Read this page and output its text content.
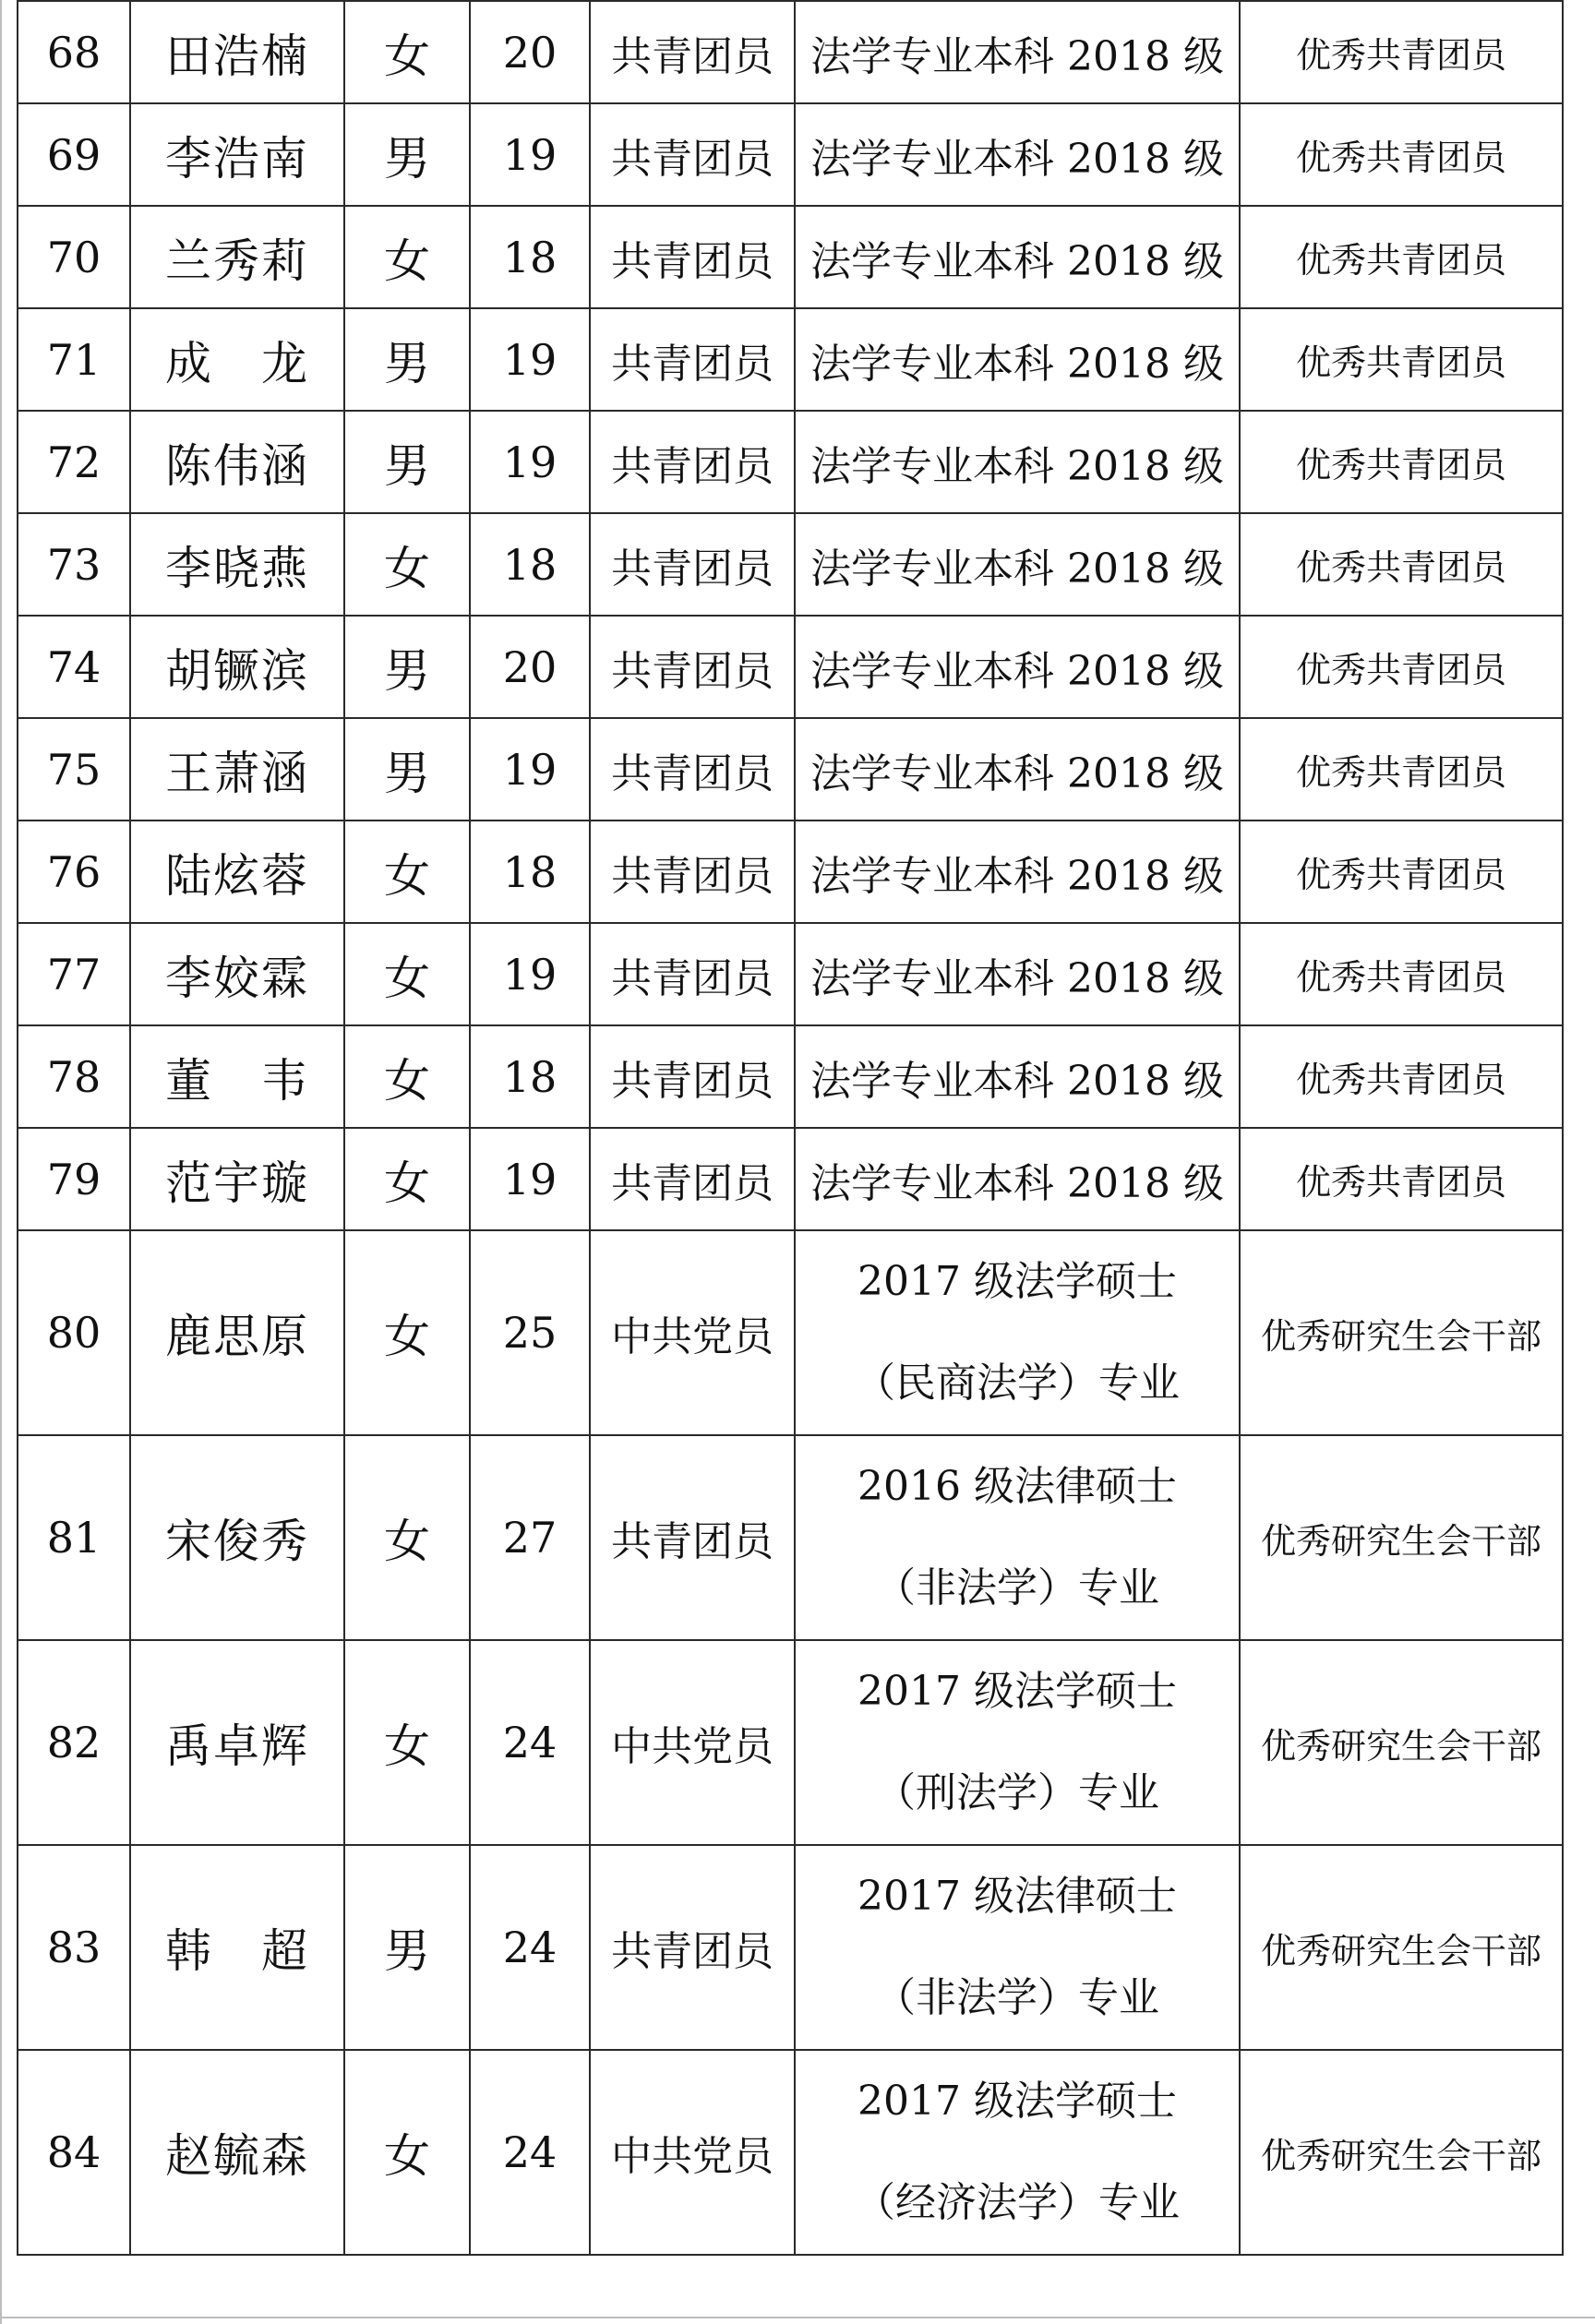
68	田浩楠	女	20	共青团员	法学专业本科 2018 级	优秀共青团员
69	李浩南	男	19	共青团员	法学专业本科 2018 级	优秀共青团员
70	兰秀莉	女	18	共青团员	法学专业本科 2018 级	优秀共青团员
71	成　龙	男	19	共青团员	法学专业本科 2018 级	优秀共青团员
72	陈伟涵	男	19	共青团员	法学专业本科 2018 级	优秀共青团员
73	李晓燕	女	18	共青团员	法学专业本科 2018 级	优秀共青团员
74	胡镢滨	男	20	共青团员	法学专业本科 2018 级	优秀共青团员
75	王萧涵	男	19	共青团员	法学专业本科 2018 级	优秀共青团员
76	陆炫蓉	女	18	共青团员	法学专业本科 2018 级	优秀共青团员
77	李姣霖	女	19	共青团员	法学专业本科 2018 级	优秀共青团员
78	董　韦	女	18	共青团员	法学专业本科 2018 级	优秀共青团员
79	范宇璇	女	19	共青团员	法学专业本科 2018 级	优秀共青团员
80	鹿思原	女	25	中共党员	2017 级法学硕士
（民商法学）专业	优秀研究生会干部
81	宋俊秀	女	27	共青团员	2016 级法律硕士
（非法学）专业	优秀研究生会干部
82	禹卓辉	女	24	中共党员	2017 级法学硕士
（刑法学）专业	优秀研究生会干部
83	韩　超	男	24	共青团员	2017 级法律硕士
（非法学）专业	优秀研究生会干部
84	赵毓森	女	24	中共党员	2017 级法学硕士
（经济法学）专业	优秀研究生会干部
